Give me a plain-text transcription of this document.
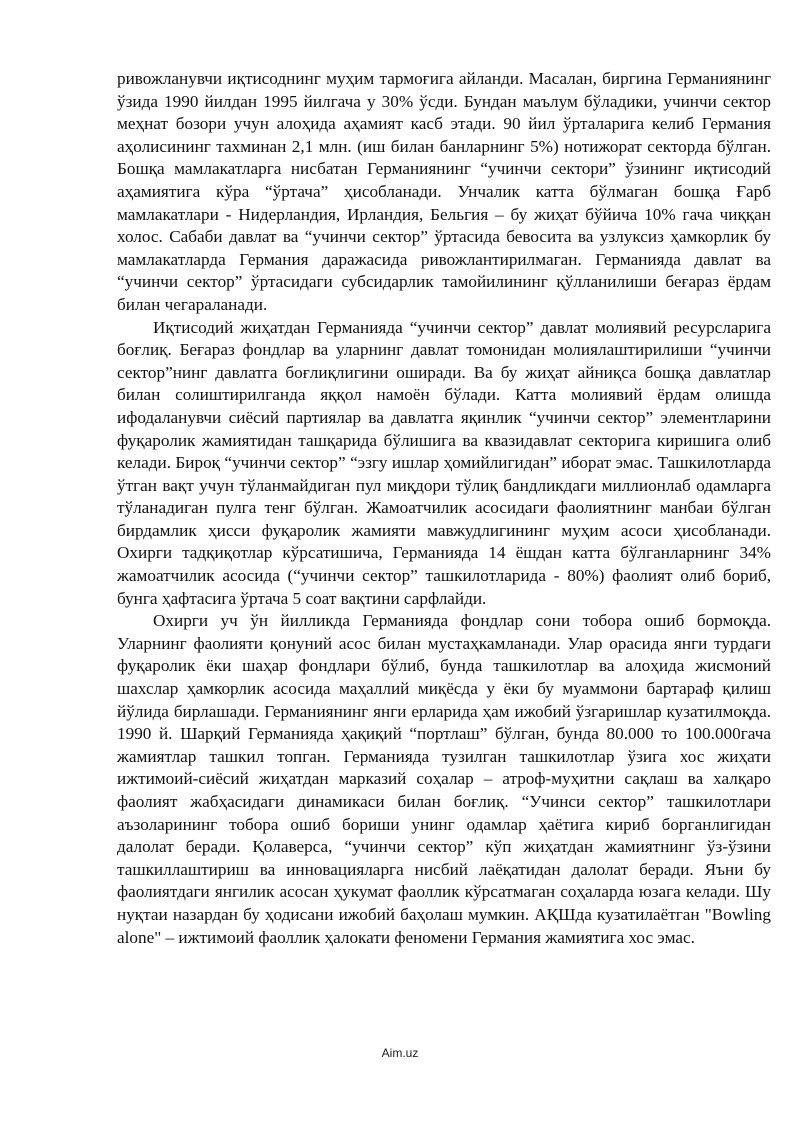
ривожланувчи иқтисоднинг муҳим тармоғига айланди. Масалан, биргина Германиянинг ўзида 1990 йилдан 1995 йилгача у 30% ўсди. Бундан маълум бўладики, учинчи сектор меҳнат бозори учун алоҳида аҳамият касб этади. 90 йил ўрталарига келиб Германия аҳолисининг тахминан 2,1 млн. (иш билан банларнинг 5%) нотижорат секторда бўлган. Бошқа мамлакатларга нисбатан Германиянинг “учинчи сектори” ўзининг иқтисодий аҳамиятига кўра “ўртача” ҳисобланади. Унчалик катта бўлмаган бошқа Ғарб мамлакатлари - Нидерландия, Ирландия, Бельгия – бу жиҳат бўйича 10% гача чиққан холос. Сабаби давлат ва “учинчи сектор” ўртасида бевосита ва узлуксиз ҳамкорлик бу мамлакатларда Германия даражасида ривожлантирилмаган. Германияда давлат ва “учинчи сектор” ўртасидаги субсидарлик тамойилининг қўлланилиши беғараз ёрдам билан чегараланади.

Иқтисодий жиҳатдан Германияда “учинчи сектор” давлат молиявий ресурсларига боғлиқ. Беғараз фондлар ва уларнинг давлат томонидан молиялаштирилиши “учинчи сектор”нинг давлатга боғлиқлигини оширади. Ва бу жиҳат айниқса бошқа давлатлар билан солиштирилганда яққол намоён бўлади. Катта молиявий ёрдам олишда ифодаланувчи сиёсий партиялар ва давлатга яқинлик “учинчи сектор” элементларини фуқаролик жамиятидан ташқарида бўлишига ва квазидавлат секторига киришига олиб келади. Бироқ “учинчи сектор” “эзгу ишлар ҳомийлигидан” иборат эмас. Ташкилотларда ўтган вақт учун тўланмайдиган пул миқдори тўлиқ бандликдаги миллионлаб одамларга тўланадиган пулга тенг бўлган. Жамоатчилик асосидаги фаолиятнинг манбаи бўлган бирдамлик ҳисси фуқаролик жамияти мавжудлигининг муҳим асоси ҳисобланади. Охирги тадқиқотлар кўрсатишича, Германияда 14 ёшдан катта бўлганларнинг 34% жамоатчилик асосида (“учинчи сектор” ташкилотларида - 80%) фаолият олиб бориб, бунга ҳафтасига ўртача 5 соат вақтини сарфлайди.

Охирги уч ўн йилликда Германияда фондлар сони тобора ошиб бормоқда. Уларнинг фаолияти қонуний асос билан мустаҳкамланади. Улар орасида янги турдаги фуқаролик ёки шаҳар фондлари бўлиб, бунда ташкилотлар ва алоҳида жисмоний шахслар ҳамкорлик асосида маҳаллий миқёсда у ёки бу муаммони бартараф қилиш йўлида бирлашади. Германиянинг янги ерларида ҳам ижобий ўзгаришлар кузатилмоқда. 1990 й. Шарқий Германияда ҳақиқий “портлаш” бўлган, бунда 80.000 то 100.000гача жамиятлар ташкил топган. Германияда тузилган ташкилотлар ўзига хос жиҳати ижтимоий-сиёсий жиҳатдан марказий соҳалар – атроф-муҳитни сақлаш ва халқаро фаолият жабҳасидаги динамикаси билан боғлиқ. “Учинси сектор” ташкилотлари аъзоларининг тобора ошиб бориши унинг одамлар ҳаётига кириб борганлигидан далолат беради. Қолаверса, “учинчи сектор” кўп жиҳатдан жамиятнинг ўз-ўзини ташкиллаштириш ва инновацияларга нисбий лаёқатидан далолат беради. Яъни бу фаолиятдаги янгилик асосан ҳукумат фаоллик кўрсатмаган соҳаларда юзага келади. Шу нуқтаи назардан бу ҳодисани ижобий баҳолаш мумкин. АҚШда кузатилаётган "Bowling alone" – ижтимоий фаоллик ҳалокати феномени Германия жамиятига хос эмас.

Aim.uz
